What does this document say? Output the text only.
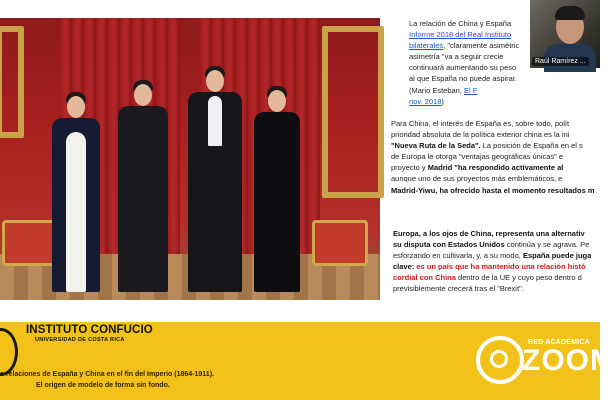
La relación de China y España
Informe 2018 del Real Instituto
bilaterales, "claramente asimétric
asimetría "va a seguir crecie
continuará aumentando su peso
al que España no puede aspirar. (Mario Esteban, El F
nov. 2018)
Para China, el interés de España es, sobre todo, polít
prioridad absoluta de la política exterior china es la ini
"Nueva Ruta de la Seda". La posición de España en el s
de Europa le otorga "ventajas geográficas únicas" e
proyecto y Madrid "ha respondido activamente al
aunque uno de sus proyectos más emblemáticos, e
Madrid-Yiwu, ha ofrecido hasta el momento resultados m
Europa, a los ojos de China, representa una alternativ
su disputa con Estados Unidos continúa y se agrava. Pe
esforzando en cultivarla, y, a su modo, España puede juga
clave: es un país que ha mantenido una relación histó
cordial con China dentro de la UE y cuyo peso dentro d
previsiblemente crecerá tras el "Brexit".
Raúl Ramírez ...
INSTITUTO CONFUCIO
UNIVERSIDAD DE COSTA RICA
s relaciones de España y China en el fin del Imperio (1864-1911).
El origen de modelo de forma sin fondo.
RED ACADÉMICA
ZOOM
